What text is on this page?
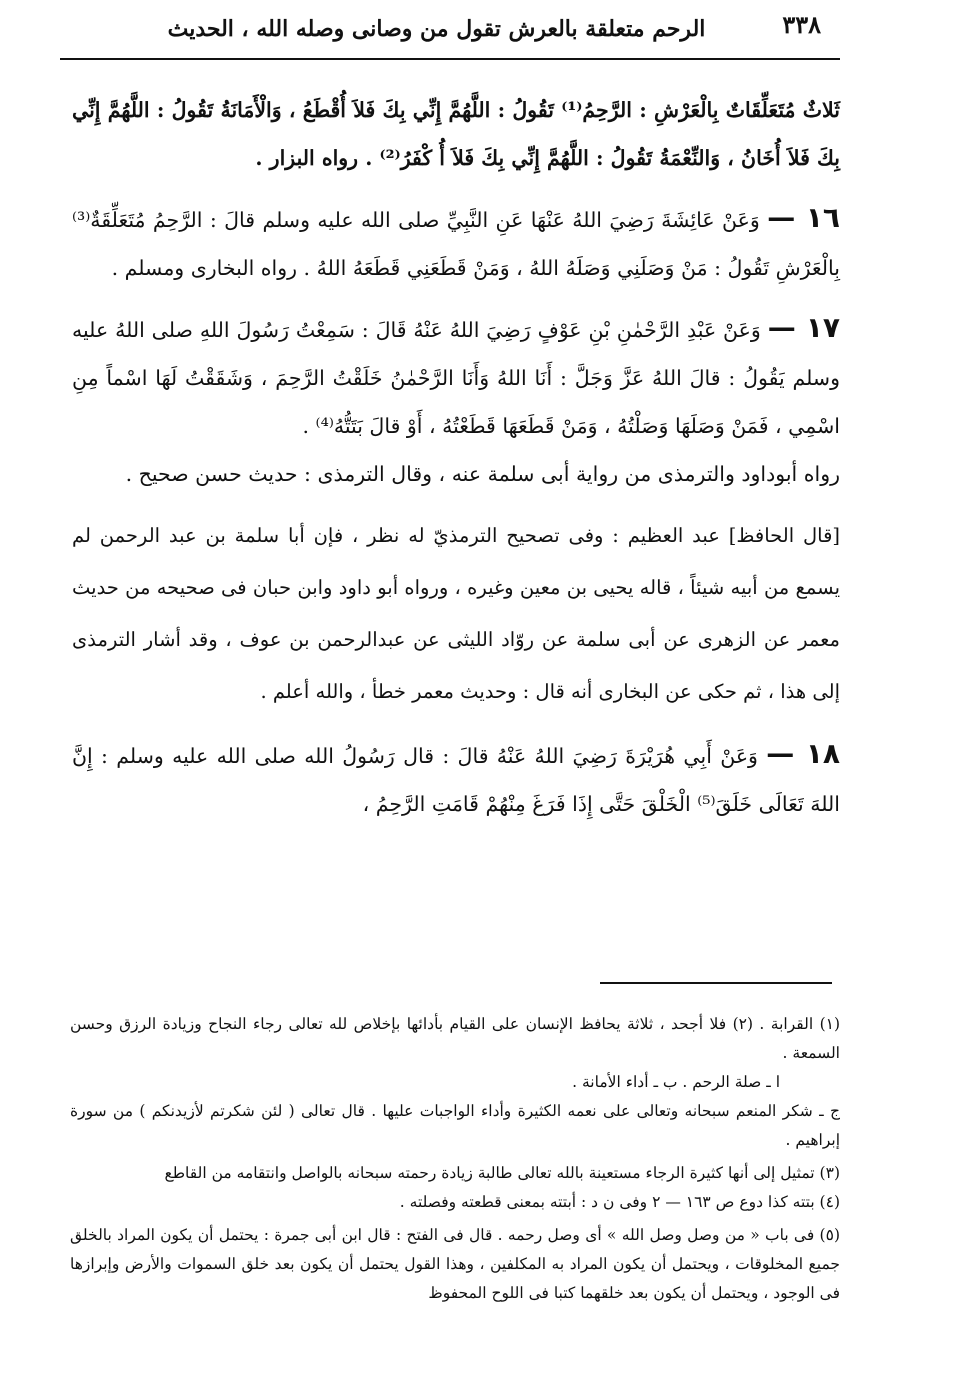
٣٣٨
الرحم متعلقة بالعرش تقول من وصانى وصله الله ، الحديث

ثَلاثٌ مُتَعَلِّقَاتٌ بِالْعَرْشِ : الرَّحِمُ⁽¹⁾ تَقُولُ : اللَّهُمَّ إِنِّي بِكَ فَلاَ أُقْطَعُ ، وَالْأَمَانَةُ تَقُولُ : اللَّهُمَّ إِنِّي بِكَ فَلاَ أُخَانُ ، وَالنِّعْمَةُ تَقُولُ : اللَّهُمَّ إِنِّي بِكَ فَلاَ أُ كْفَرُ⁽²⁾ . رواه البزار .

١٦ — وَعَنْ عَائِشَةَ رَضِيَ اللهُ عَنْهَا عَنِ النَّبِيِّ صلى الله عليه وسلم قالَ : الرَّحِمُ مُتَعَلِّقَةٌ⁽³⁾ بِالْعَرْشِ تَقُولُ : مَنْ وَصَلَنِي وَصَلَهُ اللهُ ، وَمَنْ قَطَعَنِي قَطَعَهُ اللهُ . رواه البخارى ومسلم .

١٧ — وَعَنْ عَبْدِ الرَّحْمٰنِ بْنِ عَوْفٍ رَضِيَ اللهُ عَنْهُ قَالَ : سَمِعْتُ رَسُولَ اللهِ صلى اللهُ عليه وسلم يَقُولُ : قالَ اللهُ عَزَّ وَجَلَّ : أَنَا اللهُ وَأَنَا الرَّحْمٰنُ خَلَقْتُ الرَّحِمَ ، وَشَقَقْتُ لَهَا اسْماً مِنِ اسْمِي ، فَمَنْ وَصَلَهَا وَصَلْتُهُ ، وَمَنْ قَطَعَهَا قَطَعْتُهُ ، أَوْ قالَ بَتَتُّهُ⁽⁴⁾ .
رواه أبوداود والترمذى من رواية أبى سلمة عنه ، وقال الترمذى : حديث حسن صحيح .

[قال الحافظ] عبد العظيم : وفى تصحيح الترمذيّ له نظر ، فإن أبا سلمة بن عبد الرحمن لم يسمع من أبيه شيئاً ، قاله يحيى بن معين وغيره ، ورواه أبو داود وابن حبان فى صحيحه من حديث معمر عن الزهرى عن أبى سلمة عن روّاد الليثى عن عبدالرحمن بن عوف ، وقد أشار الترمذى إلى هذا ، ثم حكى عن البخارى أنه قال : وحديث معمر خطأ ، والله أعلم .

١٨ — وَعَنْ أَبِي هُرَيْرَةَ رَضِيَ اللهُ عَنْهُ قالَ : قال رَسُولُ الله صلى الله عليه وسلم : إِنَّ اللهَ تَعَالَى خَلَقَ⁽⁵⁾ الْخَلْقَ حَتَّى إِذَا فَرَغَ مِنْهُمْ قَامَتِ الرَّحِمُ ،

(١) القرابة . (٢) فلا أجحد ، ثلاثة يحافظ الإنسان على القيام بأدائها بإخلاص لله تعالى رجاء النجاح وزيادة الرزق وحسن السمعة .

ا ـ صلة الرحم . ب ـ أداء الأمانة .

ج ـ شكر المنعم سبحانه وتعالى على نعمه الكثيرة وأداء الواجبات عليها . قال تعالى ( لئن شكرتم لأزيدنكم ) من سورة إبراهيم .

(٣) تمثيل إلى أنها كثيرة الرجاء مستعينة بالله تعالى طالبة زيادة رحمته سبحانه بالواصل وانتقامه من القاطع

(٤) بتته كذا دوع ص ١٦٣ — ٢ وفى ن د : أبتته بمعنى قطعته وفصلته .

(٥) فى باب « من وصل وصل الله » أى وصل رحمه . قال فى الفتح : قال ابن أبى جمرة : يحتمل أن يكون المراد بالخلق جميع المخلوقات ، ويحتمل أن يكون المراد به المكلفين ، وهذا القول يحتمل أن يكون بعد خلق السموات والأرض وإبرازها فى الوجود ، ويحتمل أن يكون بعد خلقهما كتبا فى اللوح المحفوظ
